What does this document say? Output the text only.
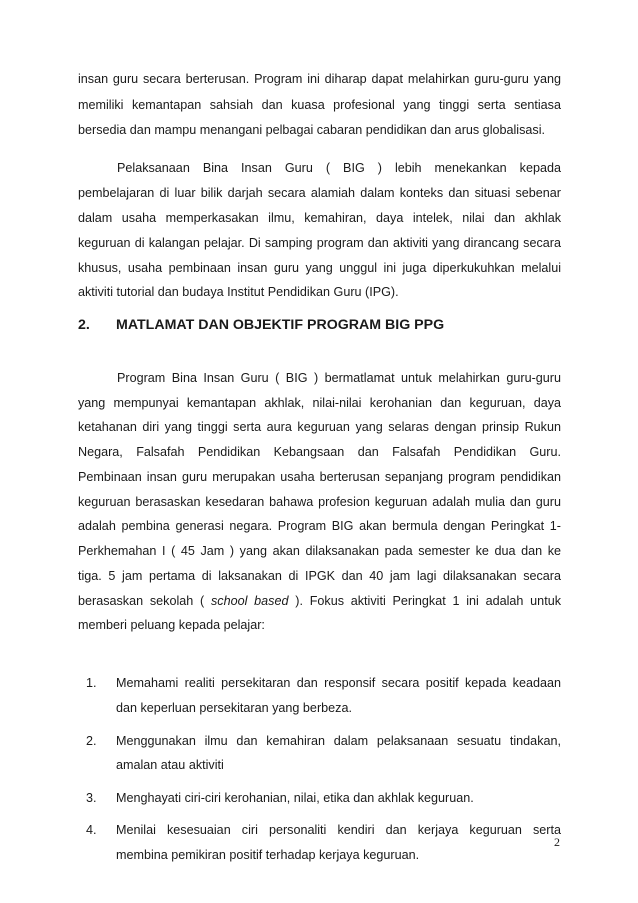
insan guru secara berterusan. Program ini diharap dapat melahirkan guru-guru yang
memiliki kemantapan sahsiah dan kuasa profesional yang tinggi serta sentiasa
bersedia dan mampu menangani pelbagai cabaran pendidikan dan arus globalisasi.
Pelaksanaan Bina Insan Guru ( BIG ) lebih menekankan kepada
pembelajaran di luar bilik darjah secara alamiah dalam konteks dan situasi sebenar
dalam usaha memperkasakan ilmu, kemahiran, daya intelek, nilai dan akhlak
keguruan di kalangan pelajar. Di samping program dan aktiviti yang dirancang secara
khusus, usaha pembinaan insan guru yang unggul ini juga diperkukuhkan melalui
aktiviti tutorial dan budaya Institut Pendidikan Guru (IPG).
2. MATLAMAT DAN OBJEKTIF PROGRAM BIG PPG
Program Bina Insan Guru ( BIG ) bermatlamat untuk melahirkan guru-guru
yang mempunyai kemantapan akhlak, nilai-nilai kerohanian dan keguruan, daya
ketahanan diri yang tinggi serta aura keguruan yang selaras dengan prinsip Rukun
Negara, Falsafah Pendidikan Kebangsaan dan Falsafah Pendidikan Guru.
Pembinaan insan guru merupakan usaha berterusan sepanjang program pendidikan
keguruan berasaskan kesedaran bahawa profesion keguruan adalah mulia dan guru
adalah pembina generasi negara. Program BIG akan bermula dengan Peringkat 1-
Perkhemahan I ( 45 Jam ) yang akan dilaksanakan pada semester ke dua dan ke
tiga. 5 jam pertama di laksanakan di IPGK dan 40 jam lagi dilaksanakan secara
berasaskan sekolah ( school based ). Fokus aktiviti Peringkat 1 ini adalah untuk
memberi peluang kepada pelajar:
1. Memahami realiti persekitaran dan responsif secara positif kepada keadaan
dan keperluan persekitaran yang berbeza.
2. Menggunakan ilmu dan kemahiran dalam pelaksanaan sesuatu tindakan,
amalan atau aktiviti
3. Menghayati ciri-ciri kerohanian, nilai, etika dan akhlak keguruan.
4. Menilai kesesuaian ciri personaliti kendiri dan kerjaya keguruan serta
membina pemikiran positif terhadap kerjaya keguruan.
2
